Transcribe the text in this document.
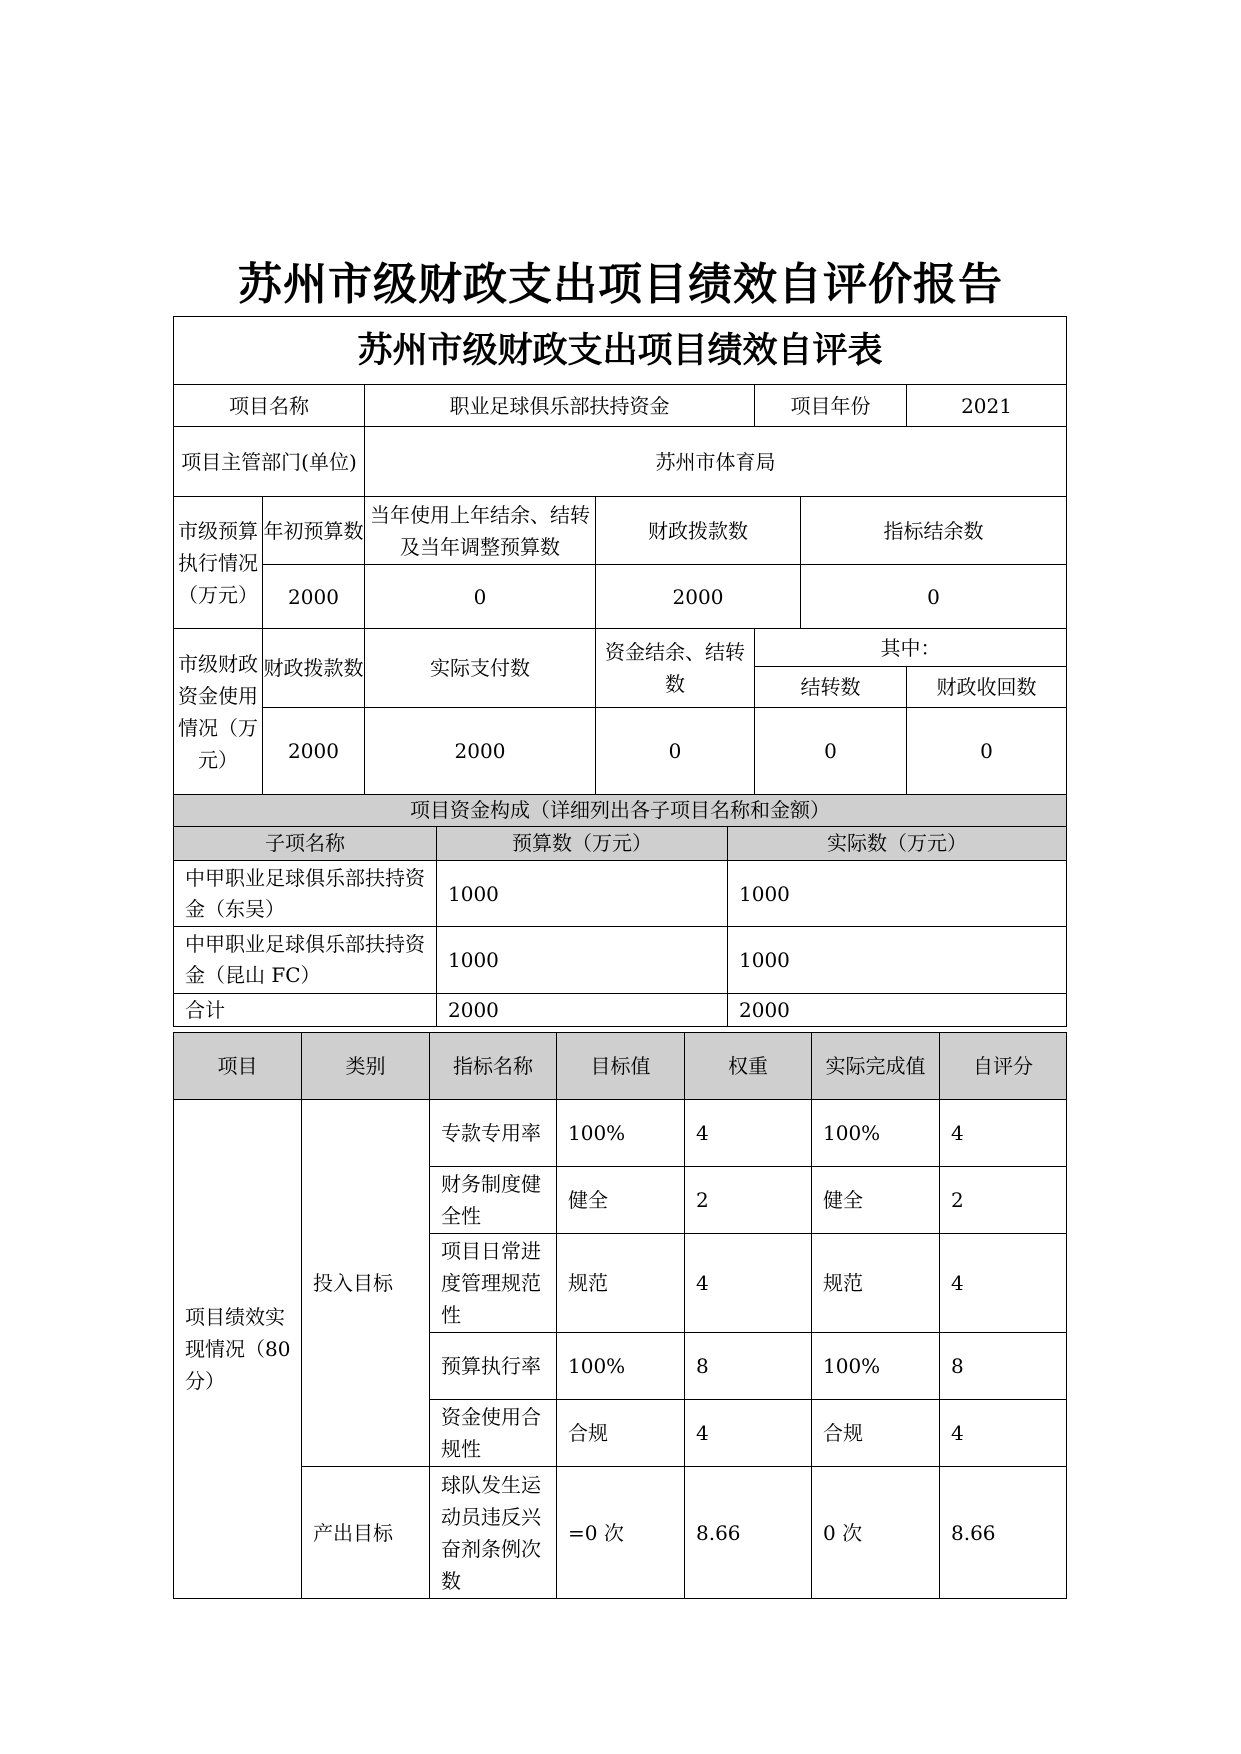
苏州市级财政支出项目绩效自评价报告
苏州市级财政支出项目绩效自评表						
项目名称		职业足球俱乐部扶持资金		项目年份		2021
项目主管部门(单位)		苏州市体育局				
市级预算执行情况（万元）	年初预算数	当年使用上年结余、结转及当年调整预算数	财政拨款数		指标结余数	
	2000	0	2000		0	
市级财政资金使用情况（万元）	财政拨款数	实际支付数	资金结余、结转数	其中：		
				结转数		财政收回数
	2000	2000	0	0		0
项目资金构成（详细列出各子项目名称和金额）		
子项名称	预算数（万元）	实际数（万元）
中甲职业足球俱乐部扶持资金（东吴）	1000	1000
中甲职业足球俱乐部扶持资金（昆山 FC）	1000	1000
合计	2000	2000
项目	类别	指标名称	目标值	权重	实际完成值	自评分
项目绩效实现情况（80分）	投入目标	专款专用率	100%	4	100%	4
		财务制度健全性	健全	2	健全	2
		项目日常进度管理规范性	规范	4	规范	4
		预算执行率	100%	8	100%	8
		资金使用合规性	合规	4	合规	4
	产出目标	球队发生运动员违反兴奋剂条例次数	=0 次	8.66	0 次	8.66
